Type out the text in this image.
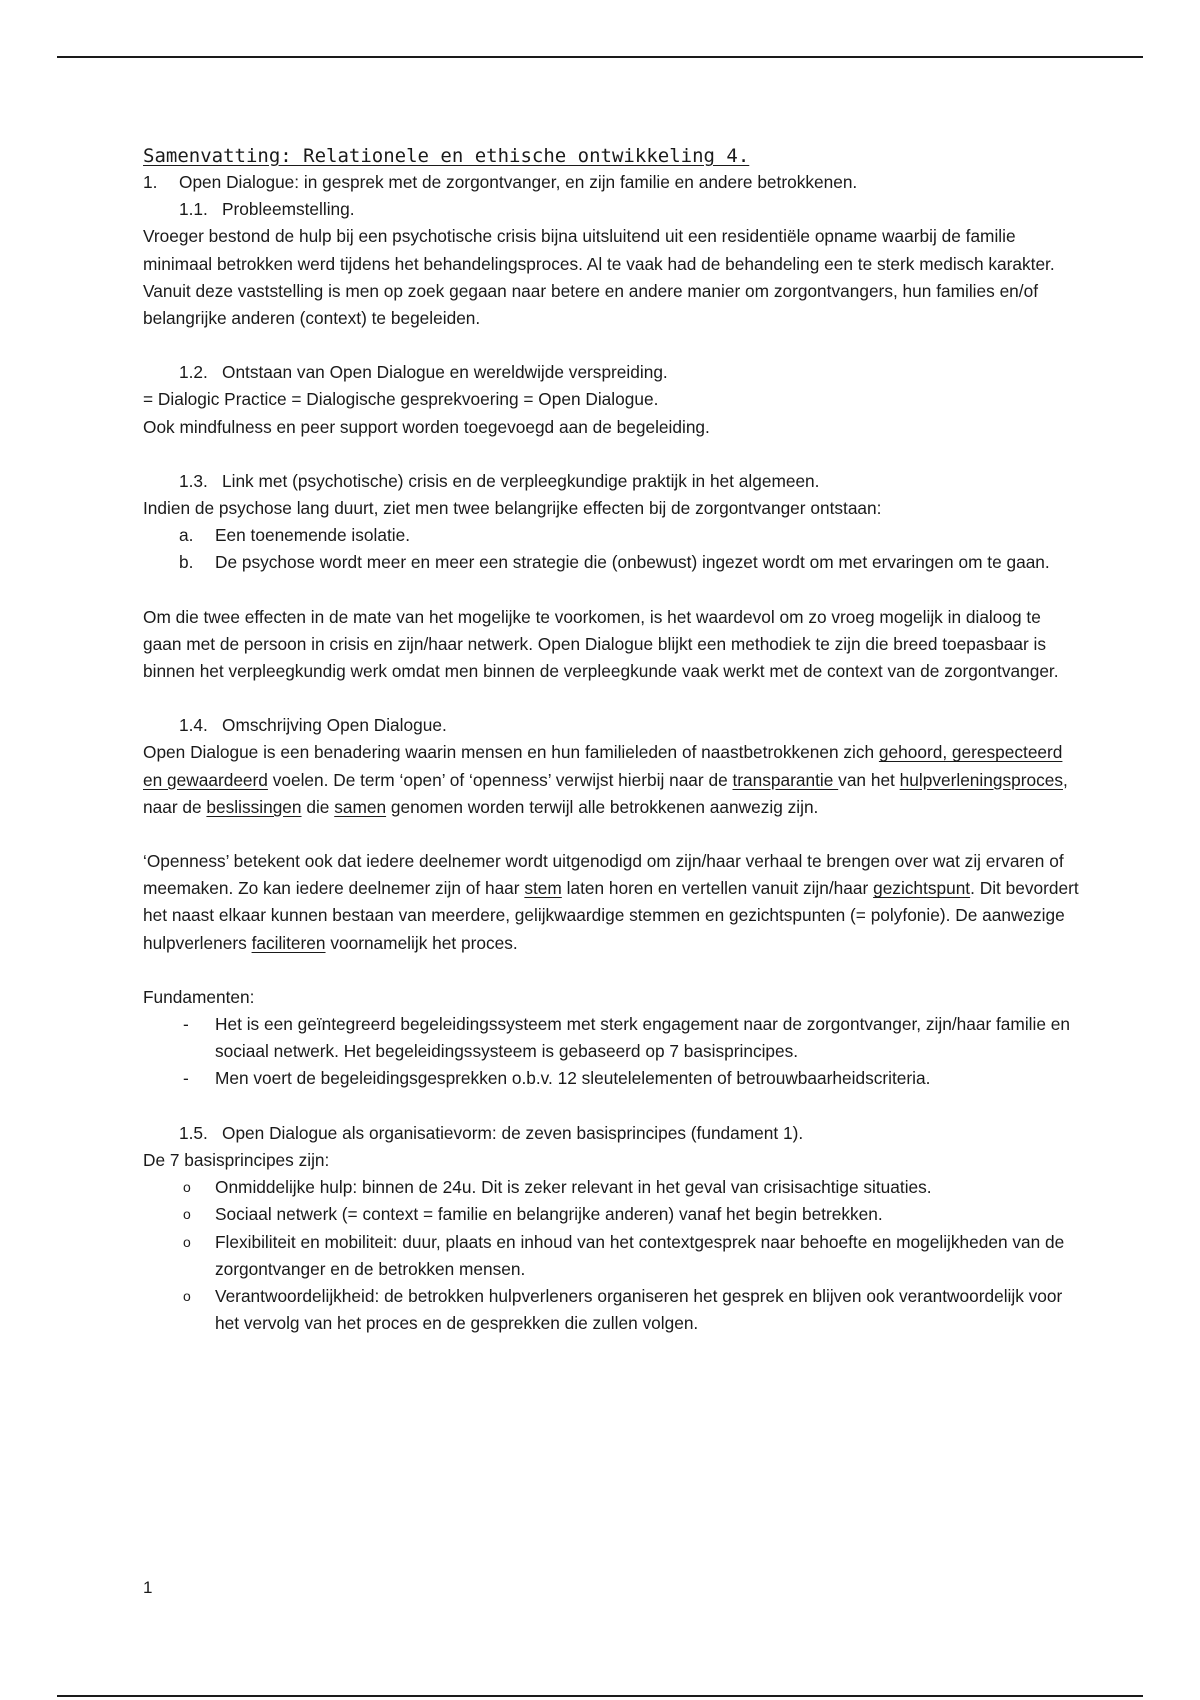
Samenvatting: Relationele en ethische ontwikkeling 4.
1.	Open Dialogue: in gesprek met de zorgontvanger, en zijn familie en andere betrokkenen.
1.1. Probleemstelling.

Vroeger bestond de hulp bij een psychotische crisis bijna uitsluitend uit een residentiële opname waarbij de familie minimaal betrokken werd tijdens het behandelingsproces. Al te vaak had de behandeling een te sterk medisch karakter. Vanuit deze vaststelling is men op zoek gegaan naar betere en andere manier om zorgontvangers, hun families en/of belangrijke anderen (context) te begeleiden.

1.2. Ontstaan van Open Dialogue en wereldwijde verspreiding.

= Dialogic Practice = Dialogische gesprekvoering = Open Dialogue.

Ook mindfulness en peer support worden toegevoegd aan de begeleiding.

1.3. Link met (psychotische) crisis en de verpleegkundige praktijk in het algemeen.

Indien de psychose lang duurt, ziet men twee belangrijke effecten bij de zorgontvanger ontstaan:

a.	Een toenemende isolatie.
b.	De psychose wordt meer en meer een strategie die (onbewust) ingezet wordt om met ervaringen om te gaan.

Om die twee effecten in de mate van het mogelijke te voorkomen, is het waardevol om zo vroeg mogelijk in dialoog te gaan met de persoon in crisis en zijn/haar netwerk. Open Dialogue blijkt een methodiek te zijn die breed toepasbaar is binnen het verpleegkundig werk omdat men binnen de verpleegkunde vaak werkt met de context van de zorgontvanger.

1.4. Omschrijving Open Dialogue.

Open Dialogue is een benadering waarin mensen en hun familieleden of naastbetrokkenen zich gehoord, gerespecteerd en gewaardeerd voelen. De term ‘open’ of ‘openness’ verwijst hierbij naar de transparantie van het hulpverleningsproces, naar de beslissingen die samen genomen worden terwijl alle betrokkenen aanwezig zijn.

‘Openness’ betekent ook dat iedere deelnemer wordt uitgenodigd om zijn/haar verhaal te brengen over wat zij ervaren of meemaken. Zo kan iedere deelnemer zijn of haar stem laten horen en vertellen vanuit zijn/haar gezichtspunt. Dit bevordert het naast elkaar kunnen bestaan van meerdere, gelijkwaardige stemmen en gezichtspunten (= polyfonie). De aanwezige hulpverleners faciliteren voornamelijk het proces.

Fundamenten:

-	Het is een geïntegreerd begeleidingssysteem met sterk engagement naar de zorgontvanger, zijn/haar familie en sociaal netwerk. Het begeleidingssysteem is gebaseerd op 7 basisprincipes.
-	Men voert de begeleidingsgesprekken o.b.v. 12 sleutelelementen of betrouwbaarheidscriteria.
1.5. Open Dialogue als organisatievorm: de zeven basisprincipes (fundament 1).

De 7 basisprincipes zijn:

o	Onmiddelijke hulp: binnen de 24u. Dit is zeker relevant in het geval van crisisachtige situaties.
o	Sociaal netwerk (= context = familie en belangrijke anderen) vanaf het begin betrekken.
o	Flexibiliteit en mobiliteit: duur, plaats en inhoud van het contextgesprek naar behoefte en mogelijkheden van de zorgontvanger en de betrokken mensen.
o	Verantwoordelijkheid: de betrokken hulpverleners organiseren het gesprek en blijven ook verantwoordelijk voor het vervolg van het proces en de gesprekken die zullen volgen.
1
